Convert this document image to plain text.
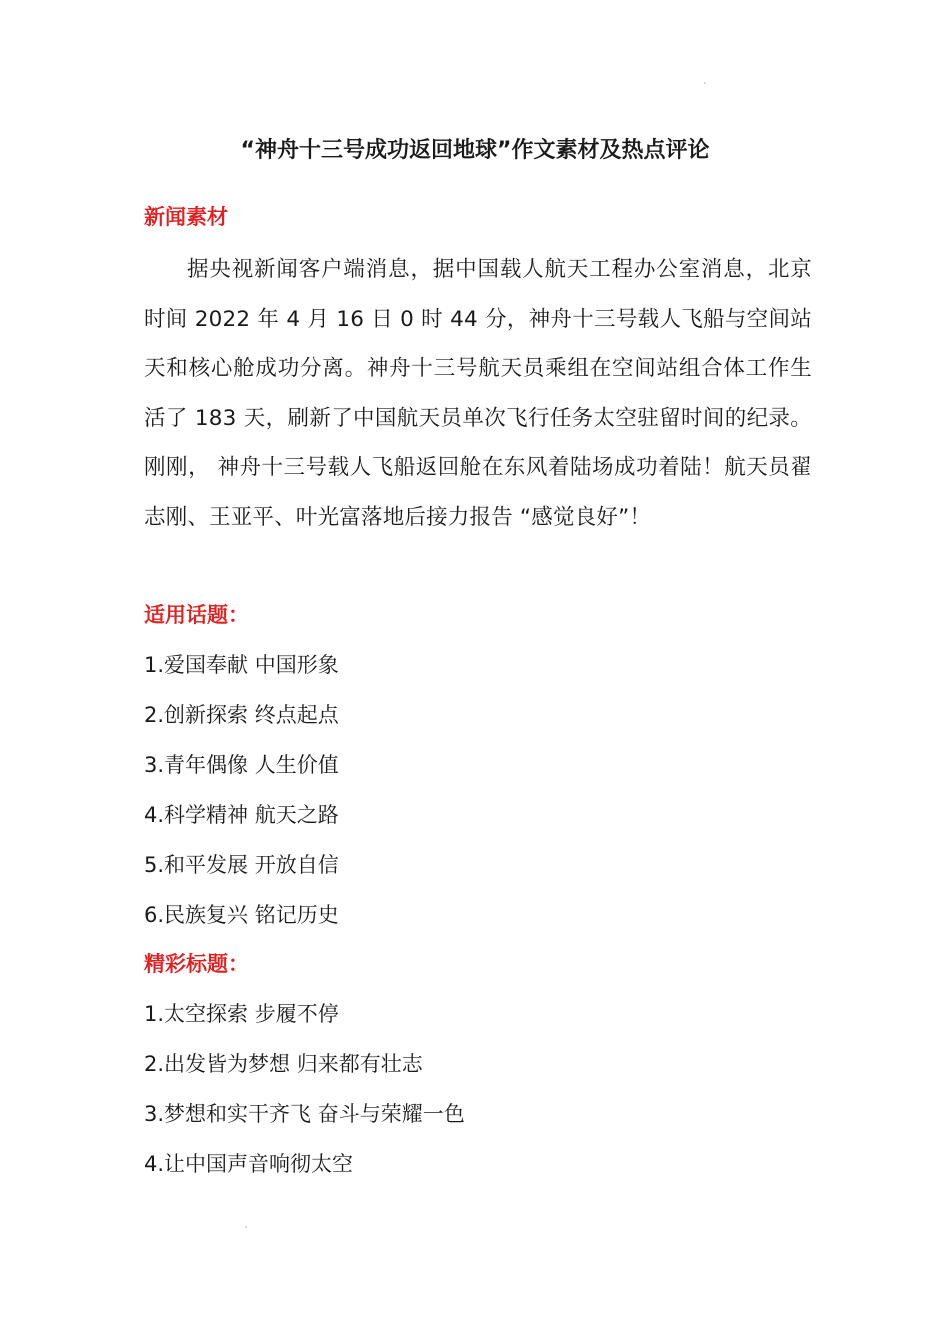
“神舟十三号成功返回地球”作文素材及热点评论
新闻素材
据央视新闻客户端消息，据中国载人航天工程办公室消息，北京时间 2022 年 4 月 16 日 0 时 44 分，神舟十三号载人飞船与空间站天和核心舱成功分离。神舟十三号航天员乘组在空间站组合体工作生活了 183 天，刷新了中国航天员单次飞行任务太空驻留时间的纪录。刚刚， 神舟十三号载人飞船返回舱在东风着陆场成功着陆！航天员翟志刚、王亚平、叶光富落地后接力报告 “感觉良好”！
适用话题：
1.爱国奉献 中国形象
2.创新探索 终点起点
3.青年偶像 人生价值
4.科学精神 航天之路
5.和平发展 开放自信
6.民族复兴 铭记历史
精彩标题：
1.太空探索 步履不停
2.出发皆为梦想 归来都有壮志
3.梦想和实干齐飞 奋斗与荣耀一色
4.让中国声音响彻太空
